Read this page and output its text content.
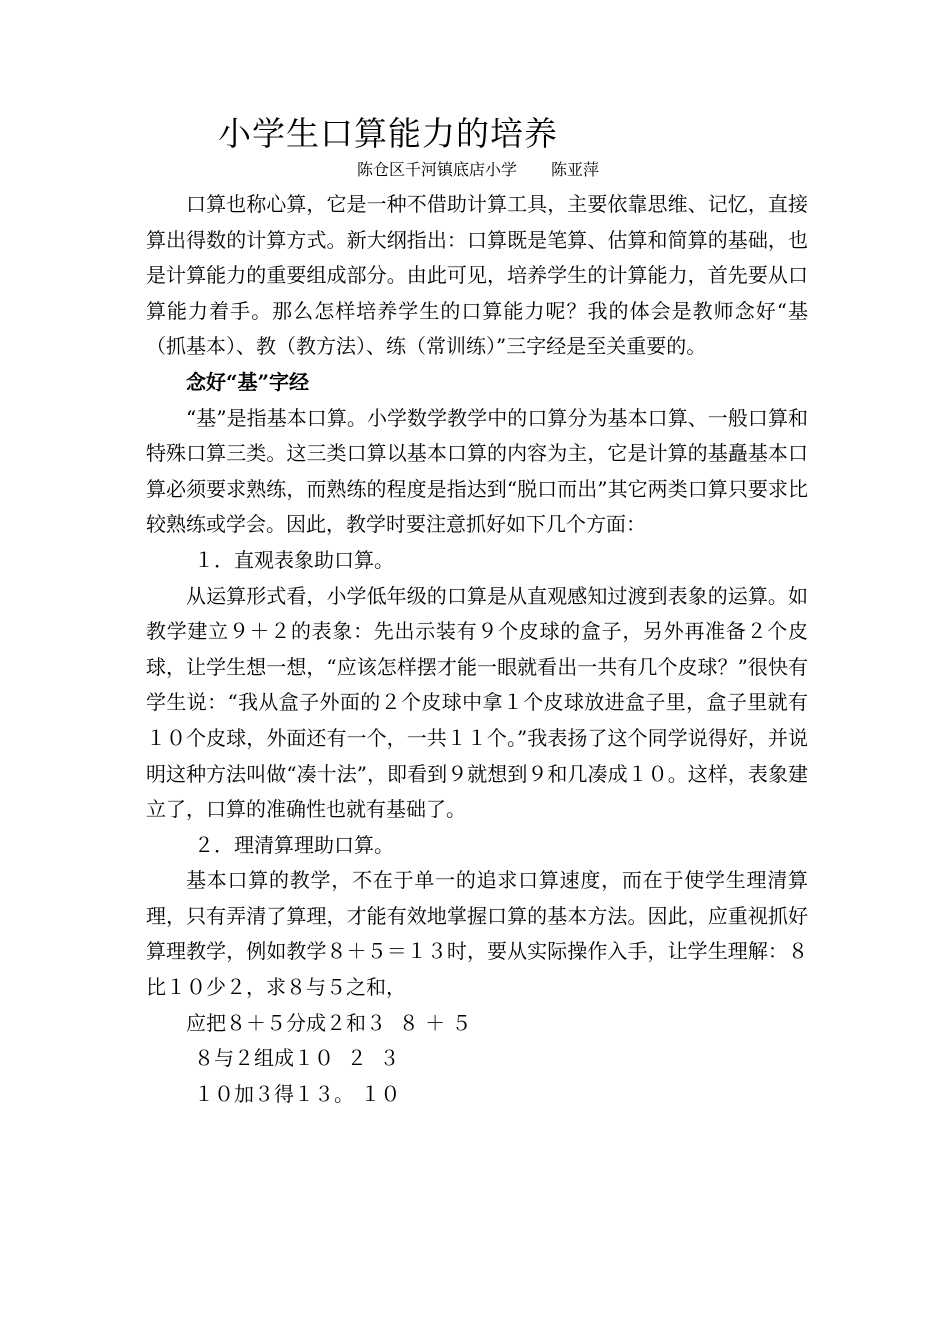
小学生口算能力的培养
陈仓区千河镇底店小学 陈亚萍

口算也称心算，它是一种不借助计算工具，主要依靠思维、记忆，直接算出得数的计算方式。新大纲指出：口算既是笔算、估算和简算的基础，也是计算能力的重要组成部分。由此可见，培养学生的计算能力，首先要从口算能力着手。那么怎样培养学生的口算能力呢？我的体会是教师念好“基（抓基本）、教（教方法）、练（常训练）”三字经是至关重要的。

念好“基”字经

“基”是指基本口算。小学数学教学中的口算分为基本口算、一般口算和特殊口算三类。这三类口算以基本口算的内容为主，它是计算的基矗基本口算必须要求熟练，而熟练的程度是指达到“脱口而出”其它两类口算只要求比较熟练或学会。因此，教学时要注意抓好如下几个方面：

１．直观表象助口算。

从运算形式看，小学低年级的口算是从直观感知过渡到表象的运算。如教学建立９＋２的表象：先出示装有９个皮球的盒子，另外再准备２个皮球，让学生想一想，“应该怎样摆才能一眼就看出一共有几个皮球？”很快有学生说：“我从盒子外面的２个皮球中拿１个皮球放进盒子里，盒子里就有１０个皮球，外面还有一个，一共１１个。”我表扬了这个同学说得好，并说明这种方法叫做“凑十法”，即看到９就想到９和几凑成１０。这样，表象建立了，口算的准确性也就有基础了。

２．理清算理助口算。

基本口算的教学，不在于单一的追求口算速度，而在于使学生理清算理，只有弄清了算理，才能有效地掌握口算的基本方法。因此，应重视抓好算理教学，例如教学８＋５＝１３时，要从实际操作入手，让学生理解：８比１０少２，求８与５之和，

应把８＋５分成２和３  ８ ＋ ５

８与２组成１０  ２  ３

１０加３得１３。 １０
